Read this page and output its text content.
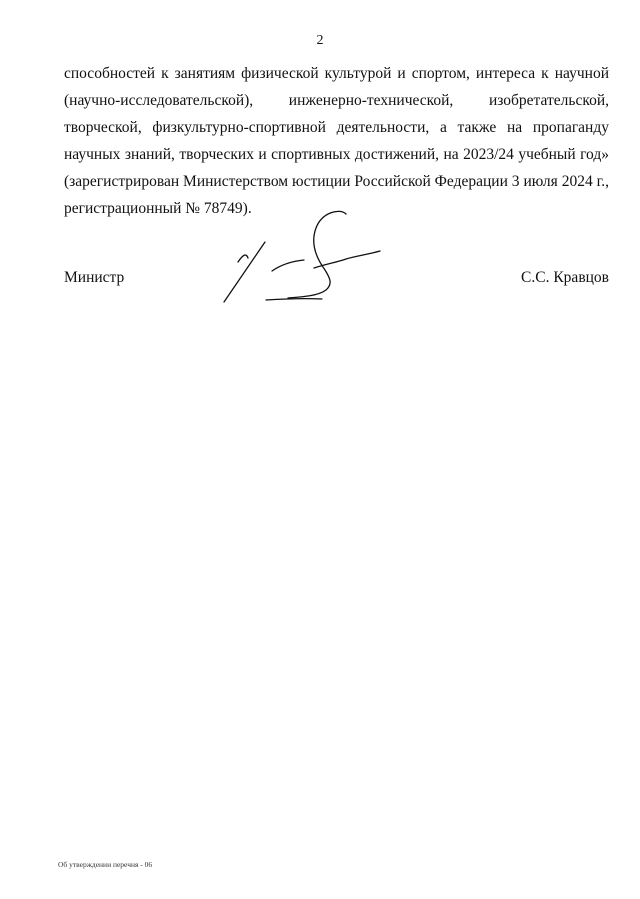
2
способностей к занятиям физической культурой и спортом, интереса к научной
(научно-исследовательской), инженерно-технической, изобретательской,
творческой, физкультурно-спортивной деятельности, а также на пропаганду
научных знаний, творческих и спортивных достижений, на 2023/24 учебный год»
(зарегистрирован Министерством юстиции Российской Федерации 3 июля 2024 г.,
регистрационный № 78749).
Министр	С.С. Кравцов
Об утверждении перечня - 06
